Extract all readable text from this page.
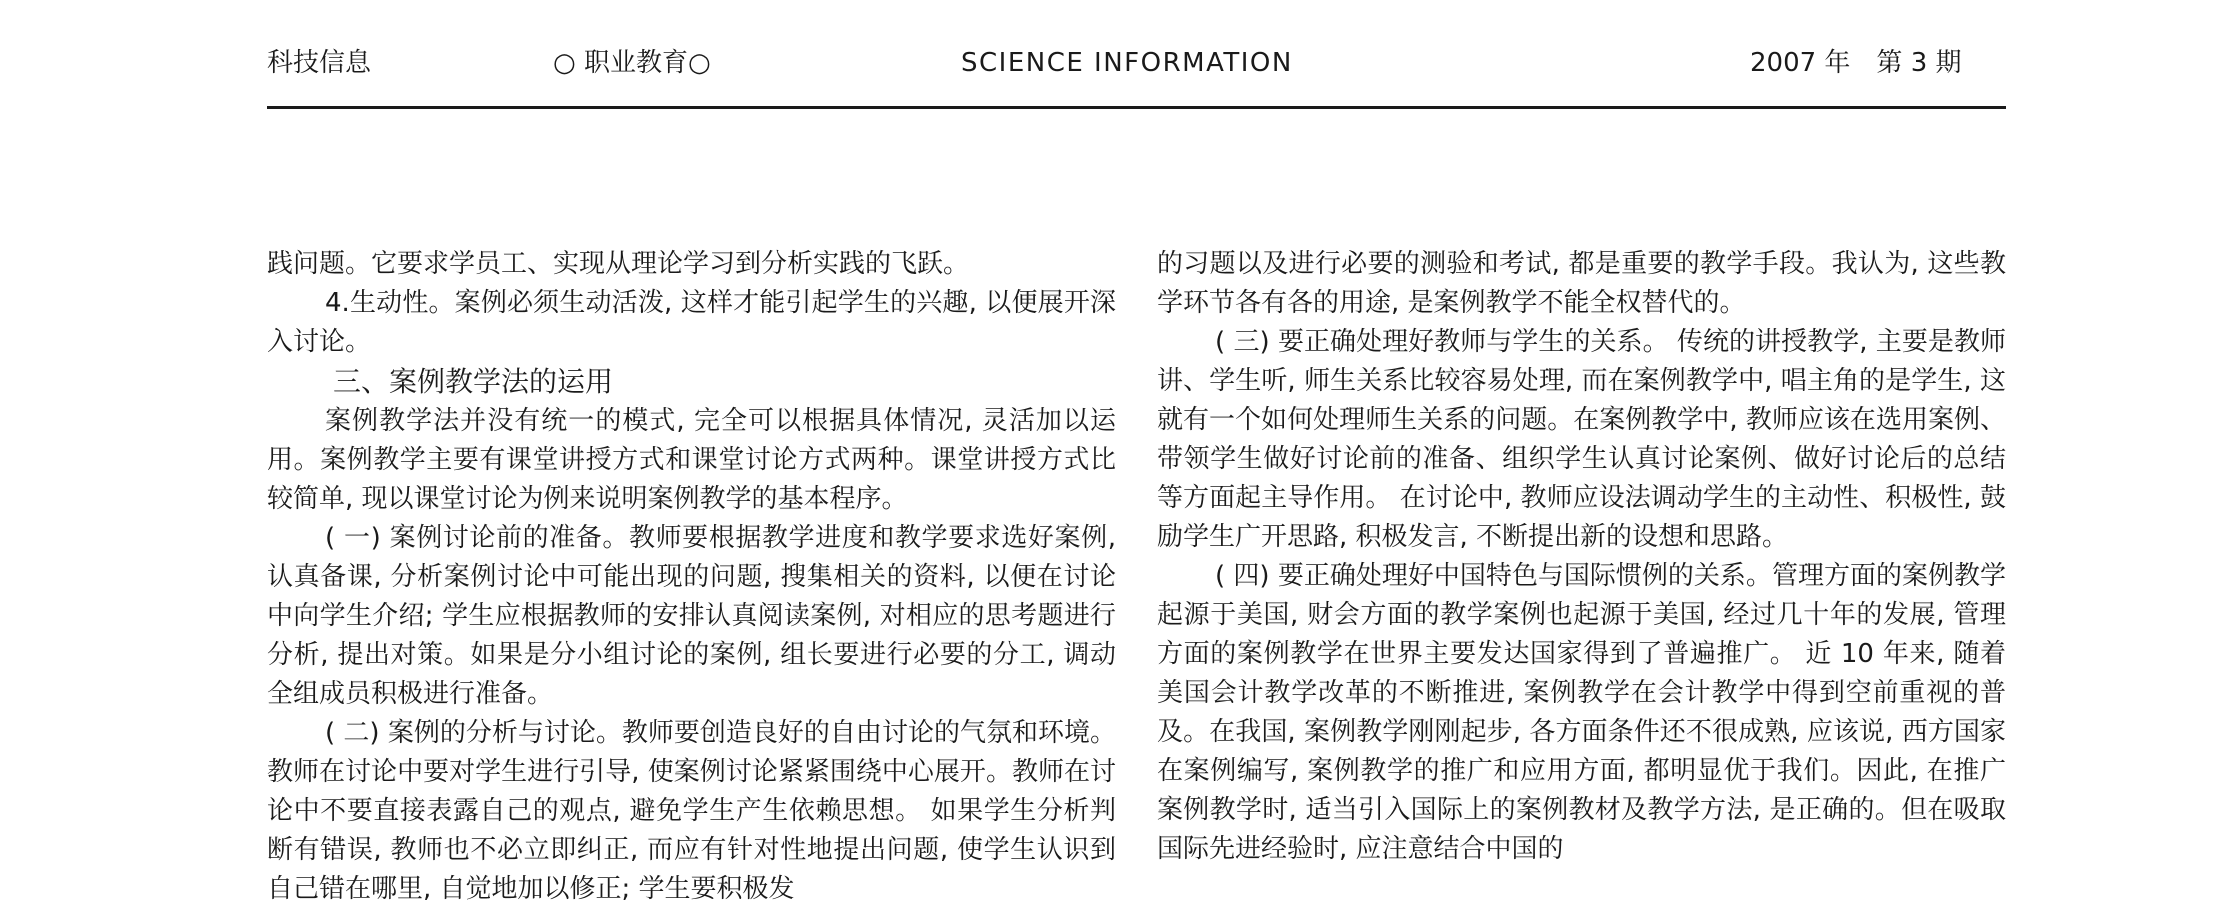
科技信息	○ 职业教育○	SCIENCE INFORMATION	2007 年　第 3 期

践问题。它要求学员工、实现从理论学习到分析实践的飞跃。

4.生动性。案例必须生动活泼, 这样才能引起学生的兴趣, 以便展开深入讨论。

三、案例教学法的运用

案例教学法并没有统一的模式, 完全可以根据具体情况, 灵活加以运用。案例教学主要有课堂讲授方式和课堂讨论方式两种。课堂讲授方式比较简单, 现以课堂讨论为例来说明案例教学的基本程序。

( 一) 案例讨论前的准备。教师要根据教学进度和教学要求选好案例, 认真备课, 分析案例讨论中可能出现的问题, 搜集相关的资料, 以便在讨论中向学生介绍; 学生应根据教师的安排认真阅读案例, 对相应的思考题进行分析, 提出对策。如果是分小组讨论的案例, 组长要进行必要的分工, 调动全组成员积极进行准备。

( 二) 案例的分析与讨论。教师要创造良好的自由讨论的气氛和环境。教师在讨论中要对学生进行引导, 使案例讨论紧紧围绕中心展开。教师在讨论中不要直接表露自己的观点, 避免学生产生依赖思想。 如果学生分析判断有错误, 教师也不必立即纠正, 而应有针对性地提出问题, 使学生认识到自己错在哪里, 自觉地加以修正; 学生要积极发

的习题以及进行必要的测验和考试, 都是重要的教学手段。我认为, 这些教学环节各有各的用途, 是案例教学不能全权替代的。

( 三) 要正确处理好教师与学生的关系。 传统的讲授教学, 主要是教师讲、学生听, 师生关系比较容易处理, 而在案例教学中, 唱主角的是学生, 这就有一个如何处理师生关系的问题。在案例教学中, 教师应该在选用案例、带领学生做好讨论前的准备、组织学生认真讨论案例、做好讨论后的总结等方面起主导作用。 在讨论中, 教师应设法调动学生的主动性、积极性, 鼓励学生广开思路, 积极发言, 不断提出新的设想和思路。

( 四) 要正确处理好中国特色与国际惯例的关系。管理方面的案例教学起源于美国, 财会方面的教学案例也起源于美国, 经过几十年的发展, 管理方面的案例教学在世界主要发达国家得到了普遍推广。 近 10 年来, 随着美国会计教学改革的不断推进, 案例教学在会计教学中得到空前重视的普及。在我国, 案例教学刚刚起步, 各方面条件还不很成熟, 应该说, 西方国家在案例编写, 案例教学的推广和应用方面, 都明显优于我们。因此, 在推广案例教学时, 适当引入国际上的案例教材及教学方法, 是正确的。但在吸取国际先进经验时, 应注意结合中国的
